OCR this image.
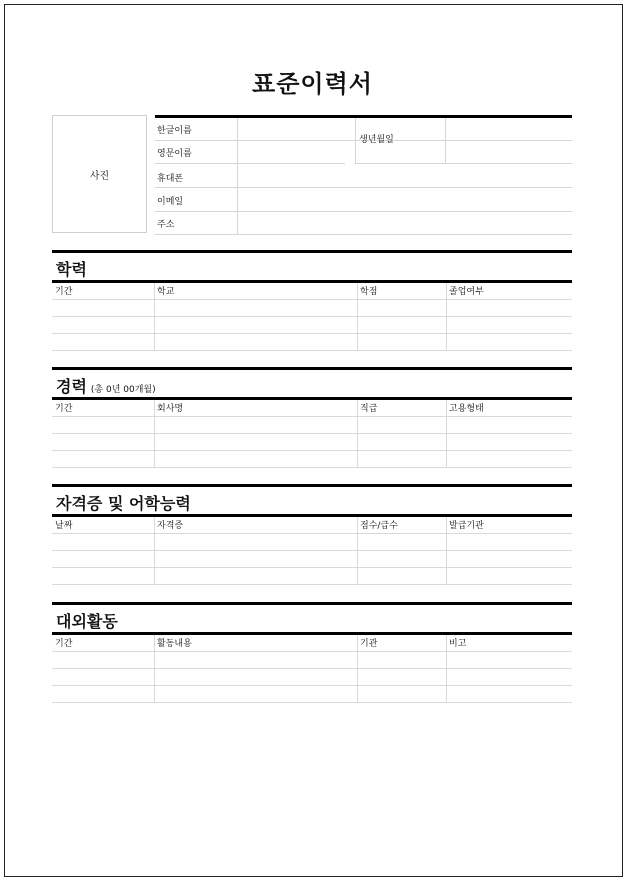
표준이력서
사진
한글이름
영문이름
휴대폰
이메일
주소
생년월일
학력
기간	학교	학점	졸업여부
경력 (총 0년 00개월)
기간	회사명	직급	고용형태
자격증 및 어학능력
날짜	자격증	점수/급수	발급기관
대외활동
기간	활동내용	기관	비고
